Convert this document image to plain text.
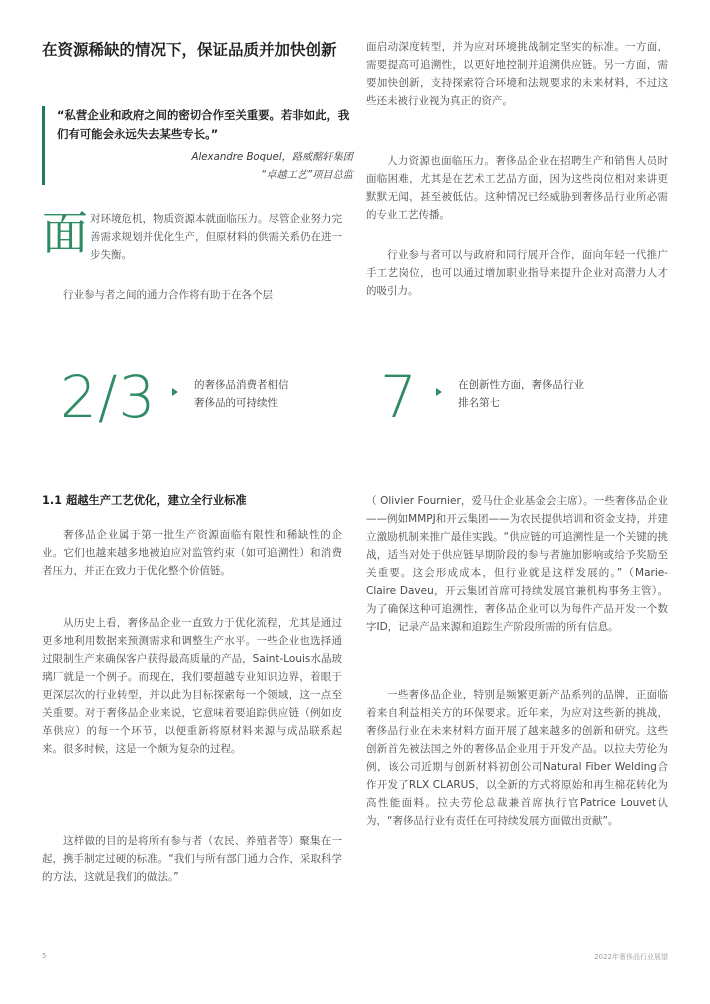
在资源稀缺的情况下，保证品质并加快创新
“私营企业和政府之间的密切合作至关重要。若非如此，我们有可能会永远失去某些专长。”
Alexandre Boquel，路威酩轩集团
“卓越工艺”项目总监
面 对环境危机，物质资源本就面临压力。尽管企业努力完善需求规划并优化生产，但原材料的供需关系仍在进一步失衡。
行业参与者之间的通力合作将有助于在各个层
面启动深度转型，并为应对环境挑战制定坚实的标准。一方面，需要提高可追溯性，以更好地控制并追溯供应链。另一方面，需要加快创新，支持探索符合环境和法规要求的未来材料，不过这些还未被行业视为真正的资产。
人力资源也面临压力。奢侈品企业在招聘生产和销售人员时面临困难，尤其是在艺术工艺品方面，因为这些岗位相对来讲更默默无闻，甚至被低估。这种情况已经威胁到奢侈品行业所必需的专业工艺传播。
行业参与者可以与政府和同行展开合作，面向年轻一代推广手工艺岗位，也可以通过增加职业指导来提升企业对高潜力人才的吸引力。
2/3	的奢侈品消费者相信
奢侈品的可持续性 7	在创新性方面，奢侈品行业
排名第七
1.1 超越生产工艺优化，建立全行业标准
奢侈品企业属于第一批生产资源面临有限性和稀缺性的企业。它们也越来越多地被迫应对监管约束（如可追溯性）和消费者压力，并正在致力于优化整个价值链。
从历史上看，奢侈品企业一直致力于优化流程，尤其是通过更多地利用数据来预测需求和调整生产水平。一些企业也选择通过限制生产来确保客户获得最高质量的产品，Saint-Louis水晶玻璃厂就是一个例子。而现在，我们要超越专业知识边界，着眼于更深层次的行业转型，并以此为目标探索每一个领域，这一点至关重要。对于奢侈品企业来说，它意味着要追踪供应链（例如皮革供应）的每一个环节，以便重新将原材料来源与成品联系起来。很多时候，这是一个颇为复杂的过程。
这样做的目的是将所有参与者（农民、养殖者等）聚集在一起，携手制定过硬的标准。“我们与所有部门通力合作，采取科学的方法，这就是我们的做法。”
（ Olivier Fournier，爱马仕企业基金会主席）。一些奢侈品企业——例如MMPJ和开云集团——为农民提供培训和资金支持，并建立激励机制来推广最佳实践。“供应链的可追溯性是一个关键的挑战，适当对处于供应链早期阶段的参与者施加影响或给予奖励至关重要。这会形成成本，但行业就是这样发展的。”（Marie-Claire Daveu，开云集团首席可持续发展官兼机构事务主管）。为了确保这种可追溯性，奢侈品企业可以为每件产品开发一个数字ID，记录产品来源和追踪生产阶段所需的所有信息。
一些奢侈品企业，特别是频繁更新产品系列的品牌，正面临着来自利益相关方的环保要求。近年来，为应对这些新的挑战，奢侈品行业在未来材料方面开展了越来越多的创新和研究。这些创新首先被法国之外的奢侈品企业用于开发产品。以拉夫劳伦为例，该公司近期与创新材料初创公司Natural Fiber Welding合作开发了RLX CLARUS，以全新的方式将原始和再生棉花转化为高性能面料。拉夫劳伦总裁兼首席执行官Patrice Louvet认为，“奢侈品行业有责任在可持续发展方面做出贡献”。
5	2022年奢侈品行业展望
